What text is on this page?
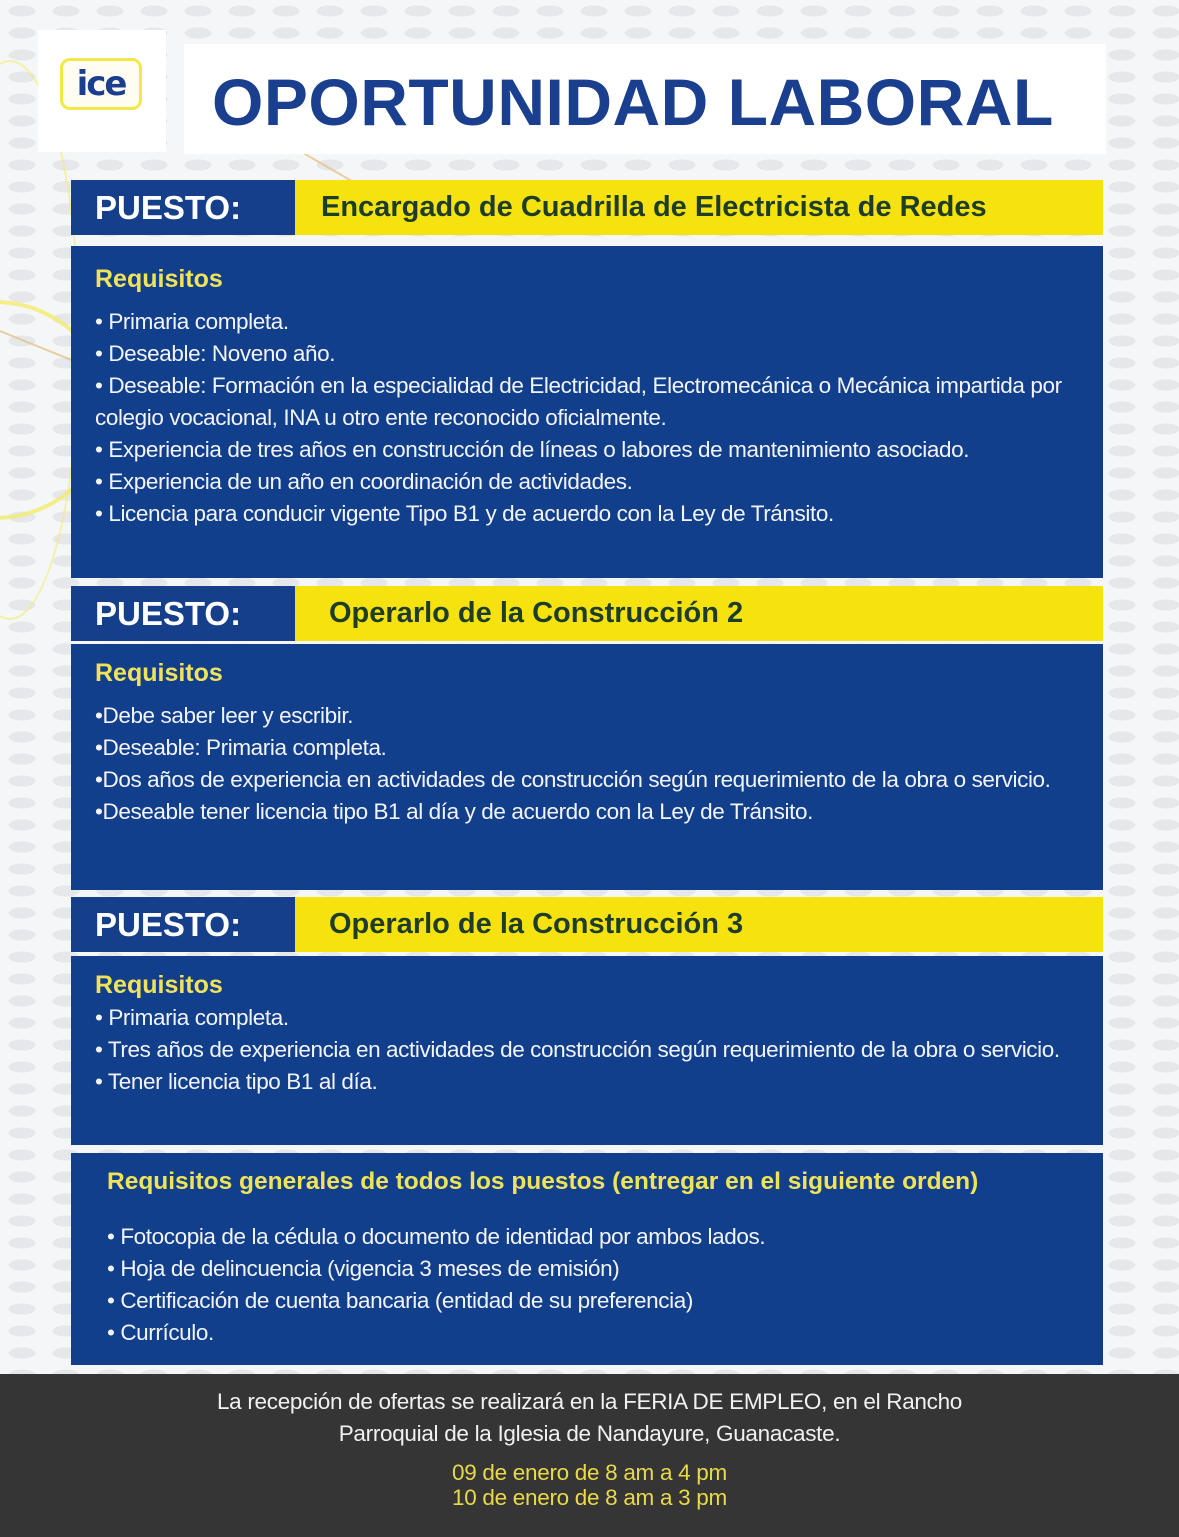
ice OPORTUNIDAD LABORAL
PUESTO:	Encargado de Cuadrilla de Electricista de Redes
Requisitos
• Primaria completa.
• Deseable: Noveno año.
• Deseable: Formación en la especialidad de Electricidad, Electromecánica o Mecánica impartida por colegio vocacional, INA u otro ente reconocido oficialmente.
• Experiencia de tres años en construcción de líneas o labores de mantenimiento asociado.
• Experiencia de un año en coordinación de actividades.
• Licencia para conducir vigente Tipo B1 y de acuerdo con la Ley de Tránsito.
PUESTO:	Operarlo de la Construcción 2
Requisitos
•Debe saber leer y escribir.
•Deseable: Primaria completa.
•Dos años de experiencia en actividades de construcción según requerimiento de la obra o servicio.
•Deseable tener licencia tipo B1 al día y de acuerdo con la Ley de Tránsito.
PUESTO:	Operarlo de la Construcción 3
Requisitos
• Primaria completa.
• Tres años de experiencia en actividades de construcción según requerimiento de la obra o servicio.
• Tener licencia tipo B1 al día.
Requisitos generales de todos los puestos (entregar en el siguiente orden)
• Fotocopia de la cédula o documento de identidad por ambos lados.
• Hoja de delincuencia (vigencia 3 meses de emisión)
• Certificación de cuenta bancaria (entidad de su preferencia)
• Currículo.

La recepción de ofertas se realizará en la FERIA DE EMPLEO, en el Rancho
Parroquial de la Iglesia de Nandayure, Guanacaste.

09 de enero de 8 am a 4 pm
10 de enero de 8 am a 3 pm
